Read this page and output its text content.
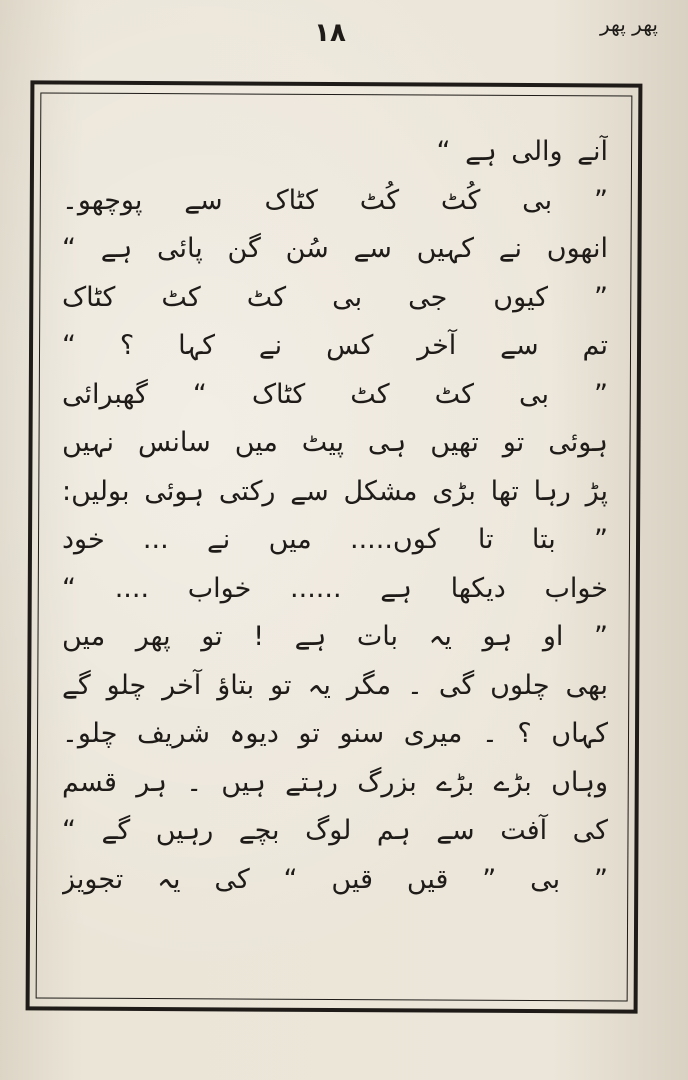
۱۸	پھر پھر
آنے والی ہے “
” بی کُٹ کُٹ کٹاک سے پوچھو۔
انھوں نے کہیں سے سُن گن پائی ہے “
” کیوں جی بی کٹ کٹ کٹاک
تم سے آخر کس نے کہا ؟ “
” بی کٹ کٹ کٹاک “ گھبرائی
ہوئی تو تھیں ہی پیٹ میں سانس نہیں
پڑ رہا تھا بڑی مشکل سے رکتی ہوئی بولیں:
” بتا تا کوں..... میں نے ... خود
خواب دیکھا ہے ...... خواب .... “
” او ہو یہ بات ہے ! تو پھر میں
بھی چلوں گی ۔ مگر یہ تو بتاؤ آخر چلو گے
کہاں ؟ ۔ میری سنو تو دیوہ شریف چلو۔
وہاں بڑے بڑے بزرگ رہتے ہیں ۔ ہر قسم
کی آفت سے ہم لوگ بچے رہیں گے “
” بی ” قیں قیں “ کی یہ تجویز
